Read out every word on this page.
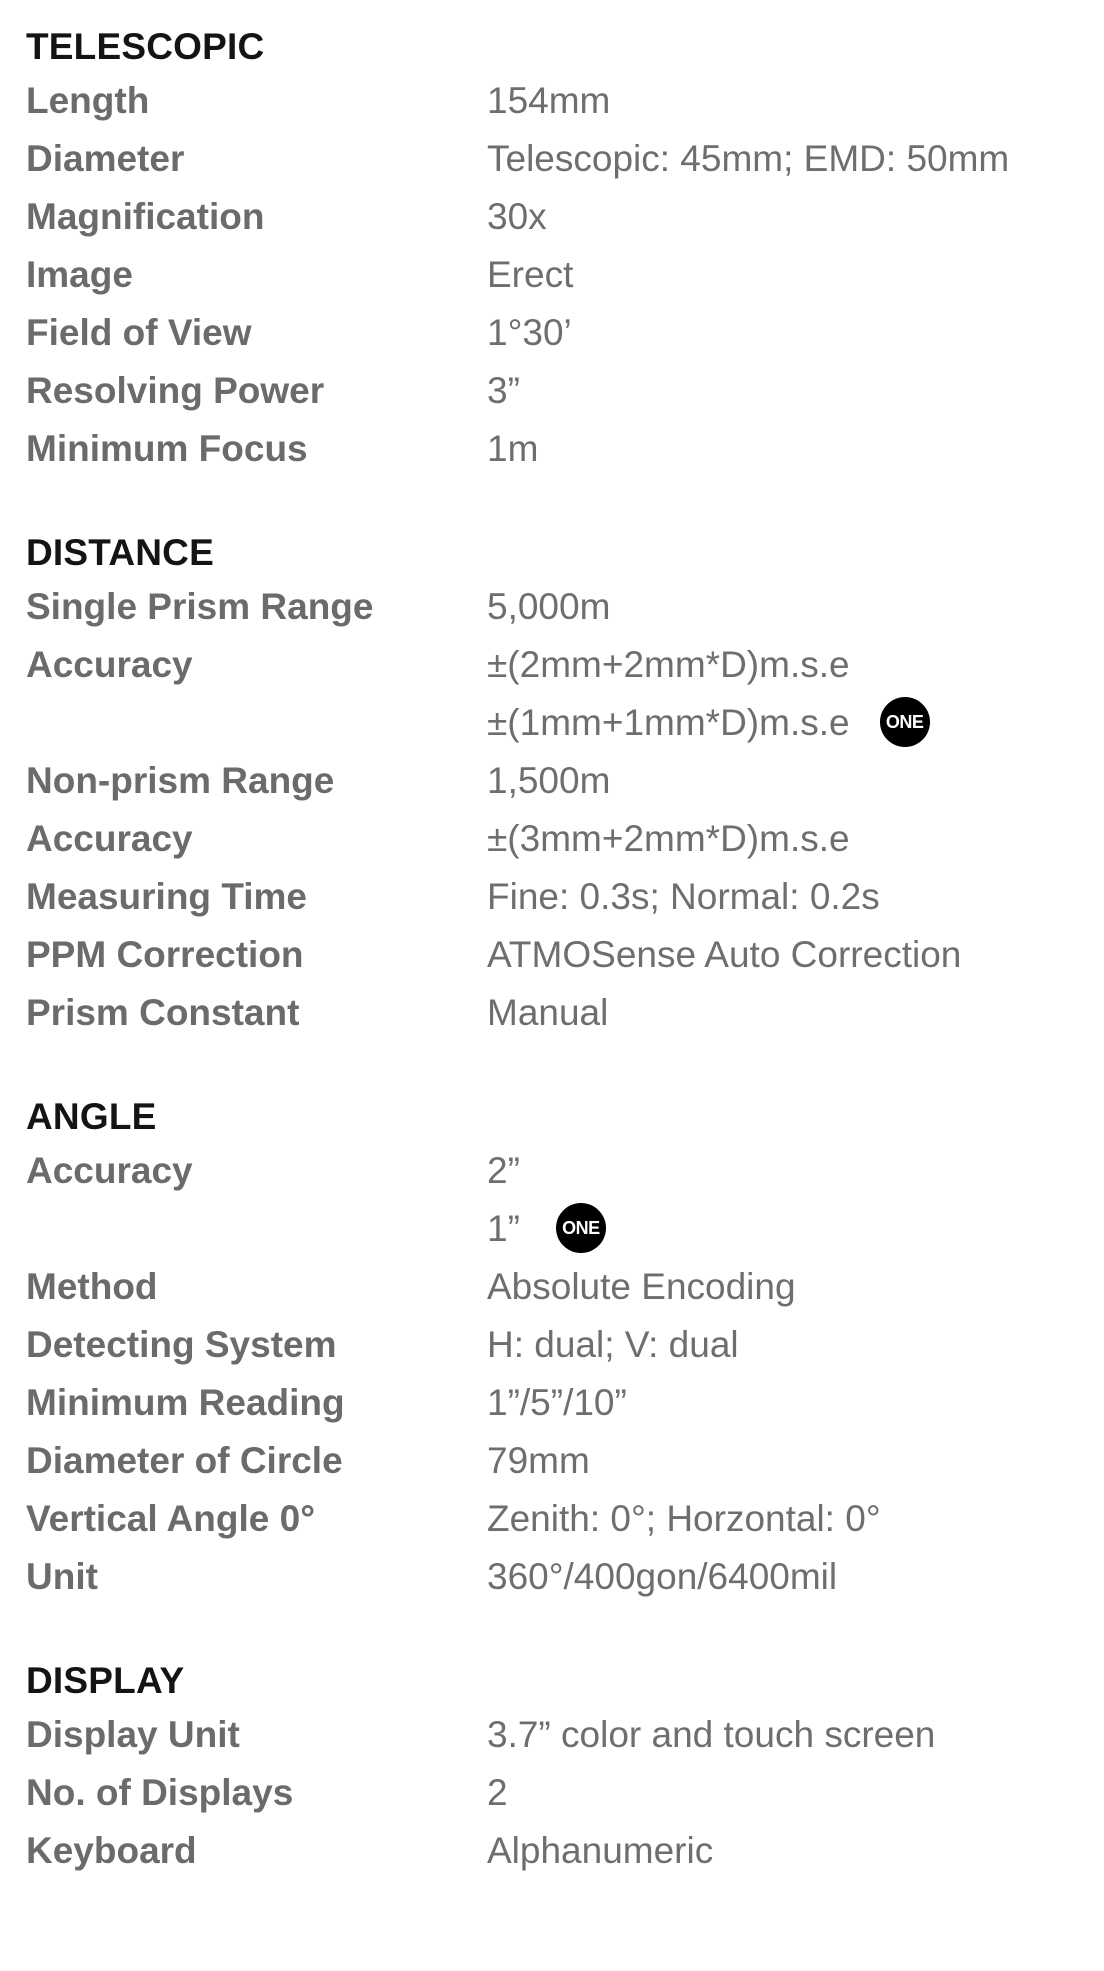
TELESCOPIC
Length	154mm
Diameter	Telescopic: 45mm; EMD: 50mm
Magnification	30x
Image	Erect
Field of View	1°30’
Resolving Power	3”
Minimum Focus	1m
DISTANCE
Single Prism Range	5,000m
Accuracy	±(2mm+2mm*D)m.s.e
±(1mm+1mm*D)m.s.e ONE
Non-prism Range	1,500m
Accuracy	±(3mm+2mm*D)m.s.e
Measuring Time	Fine: 0.3s; Normal: 0.2s
PPM Correction	ATMOSense Auto Correction
Prism Constant	Manual
ANGLE
Accuracy	2”
1” ONE
Method	Absolute Encoding
Detecting System	H: dual; V: dual
Minimum Reading	1”/5”/10”
Diameter of Circle	79mm
Vertical Angle 0°	Zenith: 0°; Horzontal: 0°
Unit	360°/400gon/6400mil
DISPLAY
Display Unit	3.7” color and touch screen
No. of Displays	2
Keyboard	Alphanumeric
